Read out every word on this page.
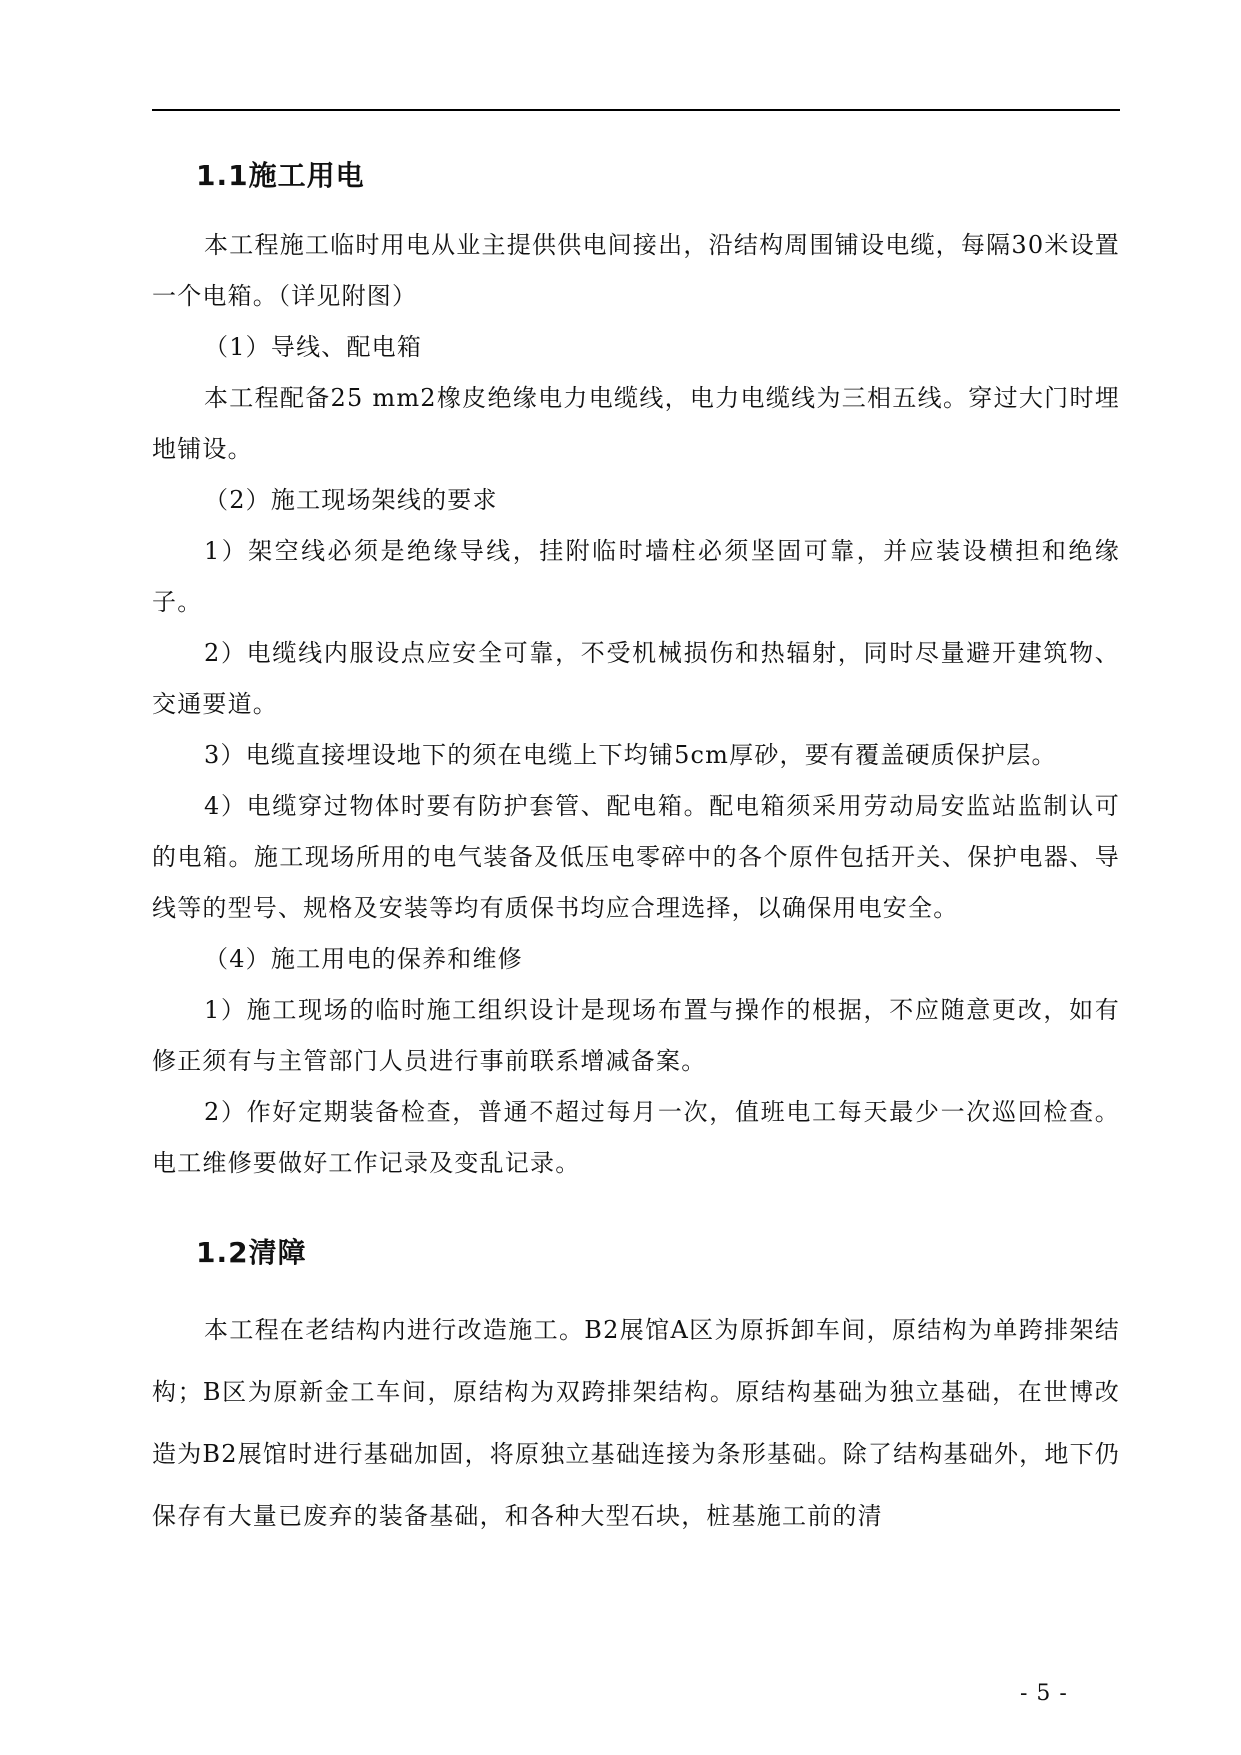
1.1施工用电

本工程施工临时用电从业主提供供电间接出，沿结构周围铺设电缆，每隔30米设置一个电箱。（详见附图）

（1）导线、配电箱

本工程配备25 mm2橡皮绝缘电力电缆线，电力电缆线为三相五线。穿过大门时埋地铺设。

（2）施工现场架线的要求

1）架空线必须是绝缘导线，挂附临时墙柱必须坚固可靠，并应装设横担和绝缘子。

2）电缆线内服设点应安全可靠，不受机械损伤和热辐射，同时尽量避开建筑物、交通要道。

3）电缆直接埋设地下的须在电缆上下均铺5cm厚砂，要有覆盖硬质保护层。

4）电缆穿过物体时要有防护套管、配电箱。配电箱须采用劳动局安监站监制认可的电箱。施工现场所用的电气装备及低压电零碎中的各个原件包括开关、保护电器、导线等的型号、规格及安装等均有质保书均应合理选择，以确保用电安全。

（4）施工用电的保养和维修

1）施工现场的临时施工组织设计是现场布置与操作的根据，不应随意更改，如有修正须有与主管部门人员进行事前联系增减备案。

2）作好定期装备检查，普通不超过每月一次，值班电工每天最少一次巡回检查。电工维修要做好工作记录及变乱记录。

1.2清障

本工程在老结构内进行改造施工。B2展馆A区为原拆卸车间，原结构为单跨排架结构；B区为原新金工车间，原结构为双跨排架结构。原结构基础为独立基础，在世博改造为B2展馆时进行基础加固，将原独立基础连接为条形基础。除了结构基础外，地下仍保存有大量已废弃的装备基础，和各种大型石块，桩基施工前的清

- 5 -
